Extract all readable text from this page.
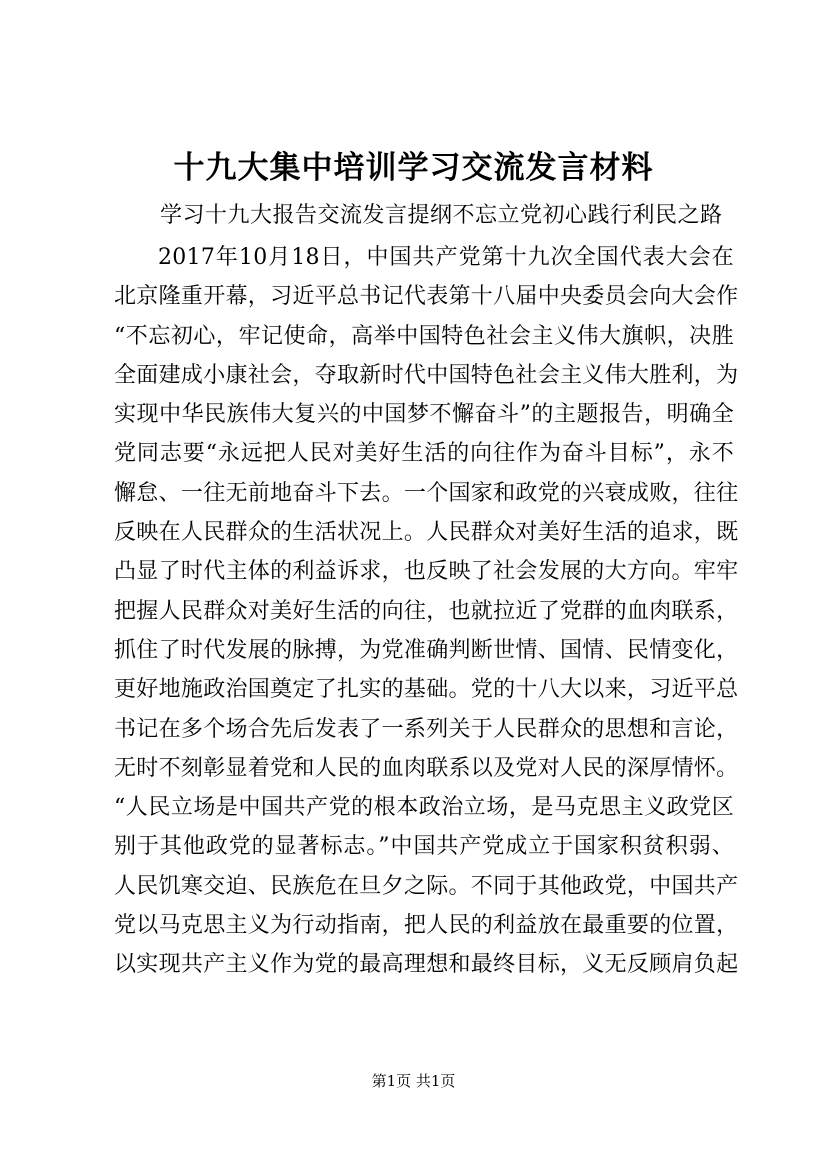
十九大集中培训学习交流发言材料
学习十九大报告交流发言提纲不忘立党初心践行利民之路
2017年10月18日，中国共产党第十九次全国代表大会在
北京隆重开幕，习近平总书记代表第十八届中央委员会向大会作
“不忘初心，牢记使命，高举中国特色社会主义伟大旗帜，决胜
全面建成小康社会，夺取新时代中国特色社会主义伟大胜利，为
实现中华民族伟大复兴的中国梦不懈奋斗”的主题报告，明确全
党同志要“永远把人民对美好生活的向往作为奋斗目标”，永不
懈怠、一往无前地奋斗下去。一个国家和政党的兴衰成败，往往
反映在人民群众的生活状况上。人民群众对美好生活的追求，既
凸显了时代主体的利益诉求，也反映了社会发展的大方向。牢牢
把握人民群众对美好生活的向往，也就拉近了党群的血肉联系，
抓住了时代发展的脉搏，为党准确判断世情、国情、民情变化，
更好地施政治国奠定了扎实的基础。党的十八大以来，习近平总
书记在多个场合先后发表了一系列关于人民群众的思想和言论，
无时不刻彰显着党和人民的血肉联系以及党对人民的深厚情怀。
“人民立场是中国共产党的根本政治立场，是马克思主义政党区
别于其他政党的显著标志。”中国共产党成立于国家积贫积弱、
人民饥寒交迫、民族危在旦夕之际。不同于其他政党，中国共产
党以马克思主义为行动指南，把人民的利益放在最重要的位置，
以实现共产主义作为党的最高理想和最终目标，义无反顾肩负起
第1页 共1页
